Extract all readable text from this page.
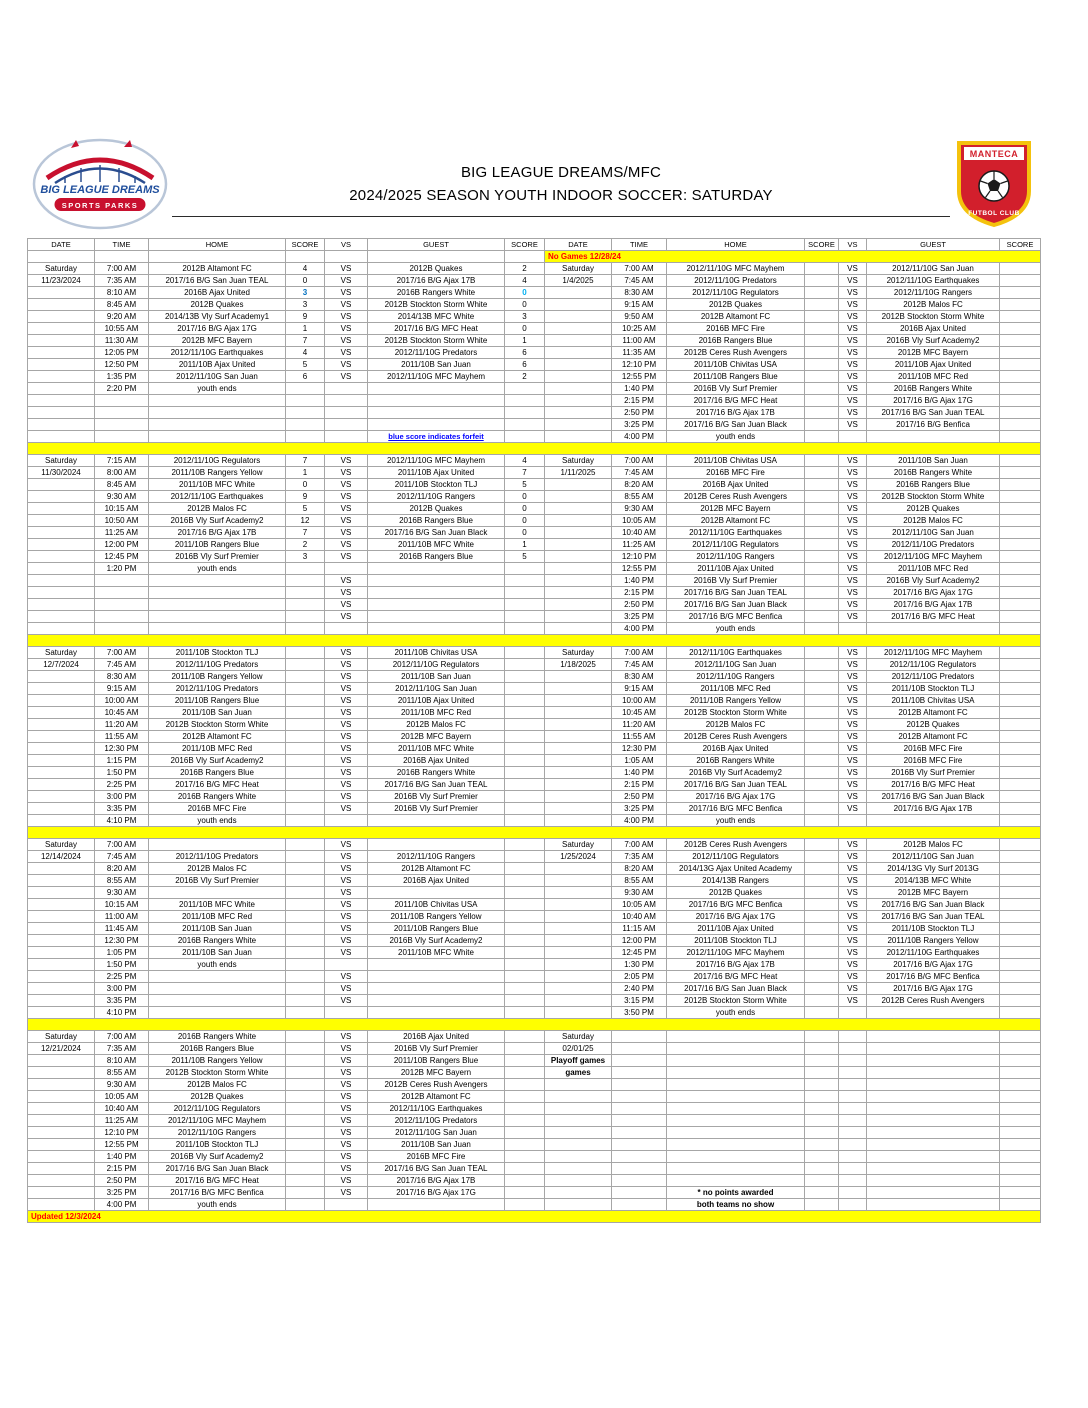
BIG LEAGUE DREAMS
SPORTS PARKS
BIG LEAGUE DREAMS/MFC
2024/2025 SEASON YOUTH INDOOR SOCCER: SATURDAY
MANTECA
FUTBOL CLUB
DATE	TIME	HOME	SCORE	VS	GUEST	SCORE	DATE	TIME	HOME	SCORE	VS	GUEST	SCORE
							No Games 12/28/24						
Saturday	7:00 AM	2012B Altamont FC	4	VS	2012B Quakes	2	Saturday	7:00 AM	2012/11/10G MFC Mayhem		VS	2012/11/10G San Juan	
11/23/2024	7:35 AM	2017/16 B/G San Juan TEAL	0	VS	2017/16 B/G Ajax 17B	4	1/4/2025	7:45 AM	2012/11/10G Predators		VS	2012/11/10G Earthquakes	
	8:10 AM	2016B Ajax United	3	VS	2016B Rangers White	0		8:30 AM	2012/11/10G Regulators		VS	2012/11/10G Rangers	
	8:45 AM	2012B Quakes	3	VS	2012B Stockton Storm White	0		9:15 AM	2012B Quakes		VS	2012B Malos FC	
	9:20 AM	2014/13B Vly Surf Academy1	9	VS	2014/13B MFC White	3		9:50 AM	2012B Altamont FC		VS	2012B Stockton Storm White	
	10:55 AM	2017/16 B/G Ajax 17G	1	VS	2017/16 B/G MFC Heat	0		10:25 AM	2016B MFC Fire		VS	2016B Ajax United	
	11:30 AM	2012B MFC Bayern	7	VS	2012B Stockton Storm White	1		11:00 AM	2016B Rangers Blue		VS	2016B Vly Surf Academy2	
	12:05 PM	2012/11/10G Earthquakes	4	VS	2012/11/10G Predators	6		11:35 AM	2012B Ceres Rush Avengers		VS	2012B MFC Bayern	
	12:50 PM	2011/10B Ajax United	5	VS	2011/10B San Juan	6		12:10 PM	2011/10B Chivitas USA		VS	2011/10B Ajax United	
	1:35 PM	2012/11/10G San Juan	6	VS	2012/11/10G MFC Mayhem	2		12:55 PM	2011/10B Rangers Blue		VS	2011/10B MFC Red	
	2:20 PM	youth ends						1:40 PM	2016B Vly Surf Premier		VS	2016B Rangers White	
								2:15 PM	2017/16 B/G MFC Heat		VS	2017/16 B/G Ajax 17G	
								2:50 PM	2017/16 B/G Ajax 17B		VS	2017/16 B/G San Juan TEAL	
								3:25 PM	2017/16 B/G San Juan Black		VS	2017/16 B/G Benfica	
					blue score indicates forfeit			4:00 PM	youth ends				

Saturday	7:15 AM	2012/11/10G Regulators	7	VS	2012/11/10G MFC Mayhem	4	Saturday	7:00 AM	2011/10B Chivitas USA		VS	2011/10B San Juan	
11/30/2024	8:00 AM	2011/10B Rangers Yellow	1	VS	2011/10B Ajax United	7	1/11/2025	7:45 AM	2016B MFC Fire		VS	2016B Rangers White	
	8:45 AM	2011/10B MFC White	0	VS	2011/10B Stockton TLJ	5		8:20 AM	2016B Ajax United		VS	2016B Rangers Blue	
	9:30 AM	2012/11/10G Earthquakes	9	VS	2012/11/10G Rangers	0		8:55 AM	2012B Ceres Rush Avengers		VS	2012B Stockton Storm White	
	10:15 AM	2012B Malos FC	5	VS	2012B Quakes	0		9:30 AM	2012B MFC Bayern		VS	2012B Quakes	
	10:50 AM	2016B Vly Surf Academy2	12	VS	2016B Rangers Blue	0		10:05 AM	2012B Altamont FC		VS	2012B Malos FC	
	11:25 AM	2017/16 B/G Ajax 17B	7	VS	2017/16 B/G San Juan Black	0		10:40 AM	2012/11/10G Earthquakes		VS	2012/11/10G San Juan	
	12:00 PM	2011/10B Rangers Blue	2	VS	2011/10B MFC White	1		11:25 AM	2012/11/10G Regulators		VS	2012/11/10G Predators	
	12:45 PM	2016B Vly Surf Premier	3	VS	2016B Rangers Blue	5		12:10 PM	2012/11/10G Rangers		VS	2012/11/10G MFC Mayhem	
	1:20 PM	youth ends						12:55 PM	2011/10B Ajax United		VS	2011/10B MFC Red	
				VS				1:40 PM	2016B Vly Surf Premier		VS	2016B Vly Surf Academy2	
				VS				2:15 PM	2017/16 B/G San Juan TEAL		VS	2017/16 B/G Ajax 17G	
				VS				2:50 PM	2017/16 B/G San Juan Black		VS	2017/16 B/G Ajax 17B	
				VS				3:25 PM	2017/16 B/G MFC Benfica		VS	2017/16 B/G MFC Heat	
								4:00 PM	youth ends				

Saturday	7:00 AM	2011/10B Stockton TLJ		VS	2011/10B Chivitas USA		Saturday	7:00 AM	2012/11/10G Earthquakes		VS	2012/11/10G MFC Mayhem	
12/7/2024	7:45 AM	2012/11/10G Predators		VS	2012/11/10G Regulators		1/18/2025	7:45 AM	2012/11/10G San Juan		VS	2012/11/10G Regulators	
	8:30 AM	2011/10B Rangers Yellow		VS	2011/10B San Juan			8:30 AM	2012/11/10G Rangers		VS	2012/11/10G Predators	
	9:15 AM	2012/11/10G Predators		VS	2012/11/10G San Juan			9:15 AM	2011/10B MFC Red		VS	2011/10B Stockton TLJ	
	10:00 AM	2011/10B Rangers Blue		VS	2011/10B Ajax United			10:00 AM	2011/10B Rangers Yellow		VS	2011/10B Chivitas USA	
	10:45 AM	2011/10B San Juan		VS	2011/10B MFC Red			10:45 AM	2012B Stockton Storm White		VS	2012B Altamont FC	
	11:20 AM	2012B Stockton Storm White		VS	2012B Malos FC			11:20 AM	2012B Malos FC		VS	2012B Quakes	
	11:55 AM	2012B Altamont FC		VS	2012B MFC Bayern			11:55 AM	2012B Ceres Rush Avengers		VS	2012B Altamont FC	
	12:30 PM	2011/10B MFC Red		VS	2011/10B MFC White			12:30 PM	2016B Ajax United		VS	2016B MFC Fire	
	1:15 PM	2016B Vly Surf Academy2		VS	2016B Ajax United			1:05 AM	2016B Rangers White		VS	2016B MFC Fire	
	1:50 PM	2016B Rangers Blue		VS	2016B Rangers White			1:40 PM	2016B Vly Surf Academy2		VS	2016B Vly Surf Premier	
	2:25 PM	2017/16 B/G MFC Heat		VS	2017/16 B/G San Juan TEAL			2:15 PM	2017/16 B/G San Juan TEAL		VS	2017/16 B/G MFC Heat	
	3:00 PM	2016B Rangers White		VS	2016B Vly Surf Premier			2:50 PM	2017/16 B/G Ajax 17G		VS	2017/16 B/G San Juan Black	
	3:35 PM	2016B MFC Fire		VS	2016B Vly Surf Premier			3:25 PM	2017/16 B/G MFC Benfica		VS	2017/16 B/G Ajax 17B	
	4:10 PM	youth ends						4:00 PM	youth ends				

Saturday	7:00 AM			VS			Saturday	7:00 AM	2012B Ceres Rush Avengers		VS	2012B Malos FC	
12/14/2024	7:45 AM	2012/11/10G Predators		VS	2012/11/10G Rangers		1/25/2024	7:35 AM	2012/11/10G Regulators		VS	2012/11/10G San Juan	
	8:20 AM	2012B Malos FC		VS	2012B Altamont FC			8:20 AM	2014/13G Ajax United Academy		VS	2014/13G Vly Surf 2013G	
	8:55 AM	2016B Vly Surf Premier		VS	2016B Ajax United			8:55 AM	2014/13B Rangers		VS	2014/13B MFC White	
	9:30 AM			VS				9:30 AM	2012B Quakes		VS	2012B MFC Bayern	
	10:15 AM	2011/10B MFC White		VS	2011/10B Chivitas USA			10:05 AM	2017/16 B/G MFC Benfica		VS	2017/16 B/G San Juan Black	
	11:00 AM	2011/10B MFC Red		VS	2011/10B Rangers Yellow			10:40 AM	2017/16 B/G Ajax 17G		VS	2017/16 B/G San Juan TEAL	
	11:45 AM	2011/10B San Juan		VS	2011/10B Rangers Blue			11:15 AM	2011/10B Ajax United		VS	2011/10B Stockton TLJ	
	12:30 PM	2016B Rangers White		VS	2016B Vly Surf Academy2			12:00 PM	2011/10B Stockton TLJ		VS	2011/10B Rangers Yellow	
	1:05 PM	2011/10B San Juan		VS	2011/10B MFC White			12:45 PM	2012/11/10G MFC Mayhem		VS	2012/11/10G Earthquakes	
	1:50 PM	youth ends						1:30 PM	2017/16 B/G Ajax 17B		VS	2017/16 B/G Ajax 17G	
	2:25 PM			VS				2:05 PM	2017/16 B/G MFC Heat		VS	2017/16 B/G MFC Benfica	
	3:00 PM			VS				2:40 PM	2017/16 B/G San Juan Black		VS	2017/16 B/G Ajax 17G	
	3:35 PM			VS				3:15 PM	2012B Stockton Storm White		VS	2012B Ceres Rush Avengers	
	4:10 PM							3:50 PM	youth ends				

Saturday	7:00 AM	2016B Rangers White		VS	2016B Ajax United		Saturday						
12/21/2024	7:35 AM	2016B Rangers Blue		VS	2016B Vly Surf Premier		02/01/25						
	8:10 AM	2011/10B Rangers Yellow		VS	2011/10B Rangers Blue		Playoff games						
	8:55 AM	2012B Stockton Storm White		VS	2012B MFC Bayern		games						
	9:30 AM	2012B Malos FC		VS	2012B Ceres Rush Avengers								
	10:05 AM	2012B Quakes		VS	2012B Altamont FC								
	10:40 AM	2012/11/10G Regulators		VS	2012/11/10G Earthquakes								
	11:25 AM	2012/11/10G MFC Mayhem		VS	2012/11/10G Predators								
	12:10 PM	2012/11/10G Rangers		VS	2012/11/10G San Juan								
	12:55 PM	2011/10B Stockton TLJ		VS	2011/10B San Juan								
	1:40 PM	2016B Vly Surf Academy2		VS	2016B MFC Fire								
	2:15 PM	2017/16 B/G San Juan Black		VS	2017/16 B/G San Juan TEAL								
	2:50 PM	2017/16 B/G MFC Heat		VS	2017/16 B/G Ajax 17B								
	3:25 PM	2017/16 B/G MFC Benfica		VS	2017/16 B/G Ajax 17G				* no points awarded				
	4:00 PM	youth ends							both teams no show				
Updated 12/3/2024													
